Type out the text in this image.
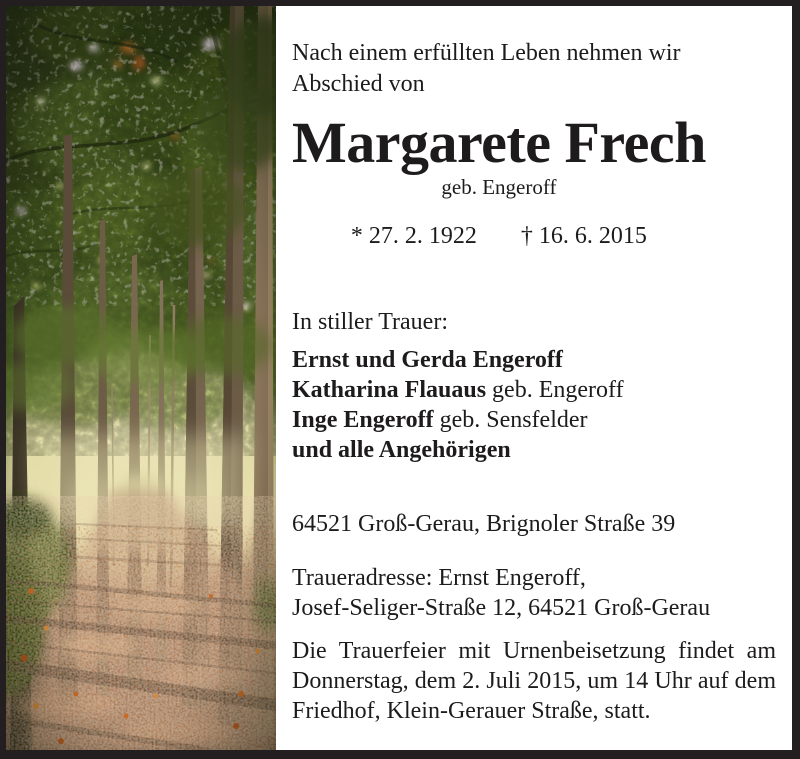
Nach einem erfüllten Leben nehmen wir
Abschied von
Margarete Frech
geb. Engeroff
* 27. 2. 1922 † 16. 6. 2015
In stiller Trauer:
Ernst und Gerda Engeroff
Katharina Flauaus geb. Engeroff
Inge Engeroff geb. Sensfelder
und alle Angehörigen
64521 Groß-Gerau, Brignoler Straße 39
Traueradresse: Ernst Engeroff,
Josef-Seliger-Straße 12, 64521 Groß-Gerau
Die Trauerfeier mit Urnenbeisetzung findet am Donnerstag, dem 2. Juli 2015, um 14 Uhr auf dem Friedhof, Klein-Gerauer Straße, statt.
